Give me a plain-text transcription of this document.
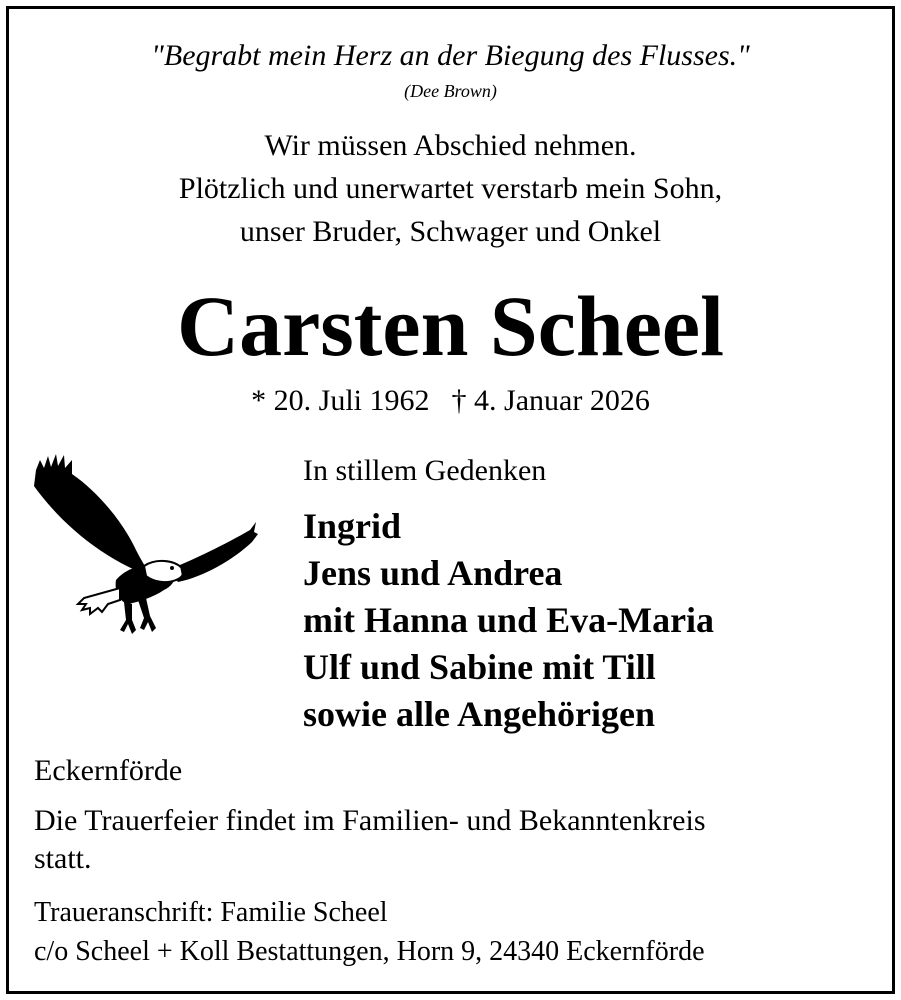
"Begrabt mein Herz an der Biegung des Flusses."
(Dee Brown)
Wir müssen Abschied nehmen.
Plötzlich und unerwartet verstarb mein Sohn,
unser Bruder, Schwager und Onkel
Carsten Scheel
* 20. Juli 1962 † 4. Januar 2026
In stillem Gedenken
Ingrid
Jens und Andrea
mit Hanna und Eva-Maria
Ulf und Sabine mit Till
sowie alle Angehörigen
Eckernförde
Die Trauerfeier findet im Familien- und Bekanntenkreis
statt.
Traueranschrift: Familie Scheel
c/o Scheel + Koll Bestattungen, Horn 9, 24340 Eckernförde
